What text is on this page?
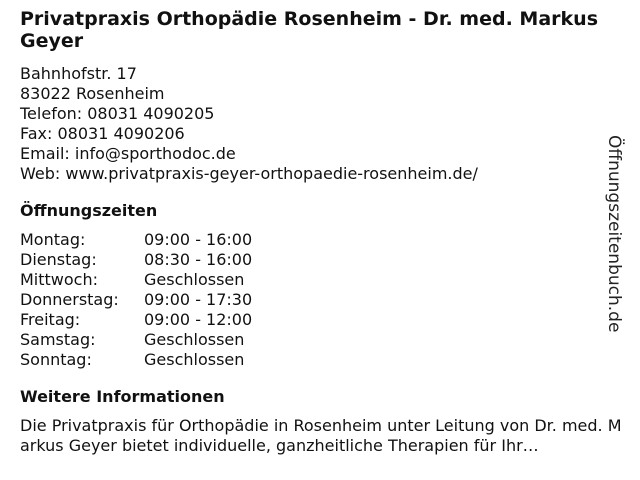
Privatpraxis Orthopädie Rosenheim - Dr. med. Markus Geyer
Bahnhofstr. 17
83022 Rosenheim
Telefon: 08031 4090205
Fax: 08031 4090206
Email: info@sporthodoc.de
Web: www.privatpraxis-geyer-orthopaedie-rosenheim.de/
Öffnungszeiten
Montag:	09:00 - 16:00
Dienstag:	08:30 - 16:00
Mittwoch:	Geschlossen
Donnerstag:	09:00 - 17:30
Freitag:	09:00 - 12:00
Samstag:	Geschlossen
Sonntag:	Geschlossen
Weitere Informationen
Die Privatpraxis für Orthopädie in Rosenheim unter Leitung von Dr. med. Markus Geyer bietet individuelle, ganzheitliche Therapien für Ihr…
Öffnungszeitenbuch.de
